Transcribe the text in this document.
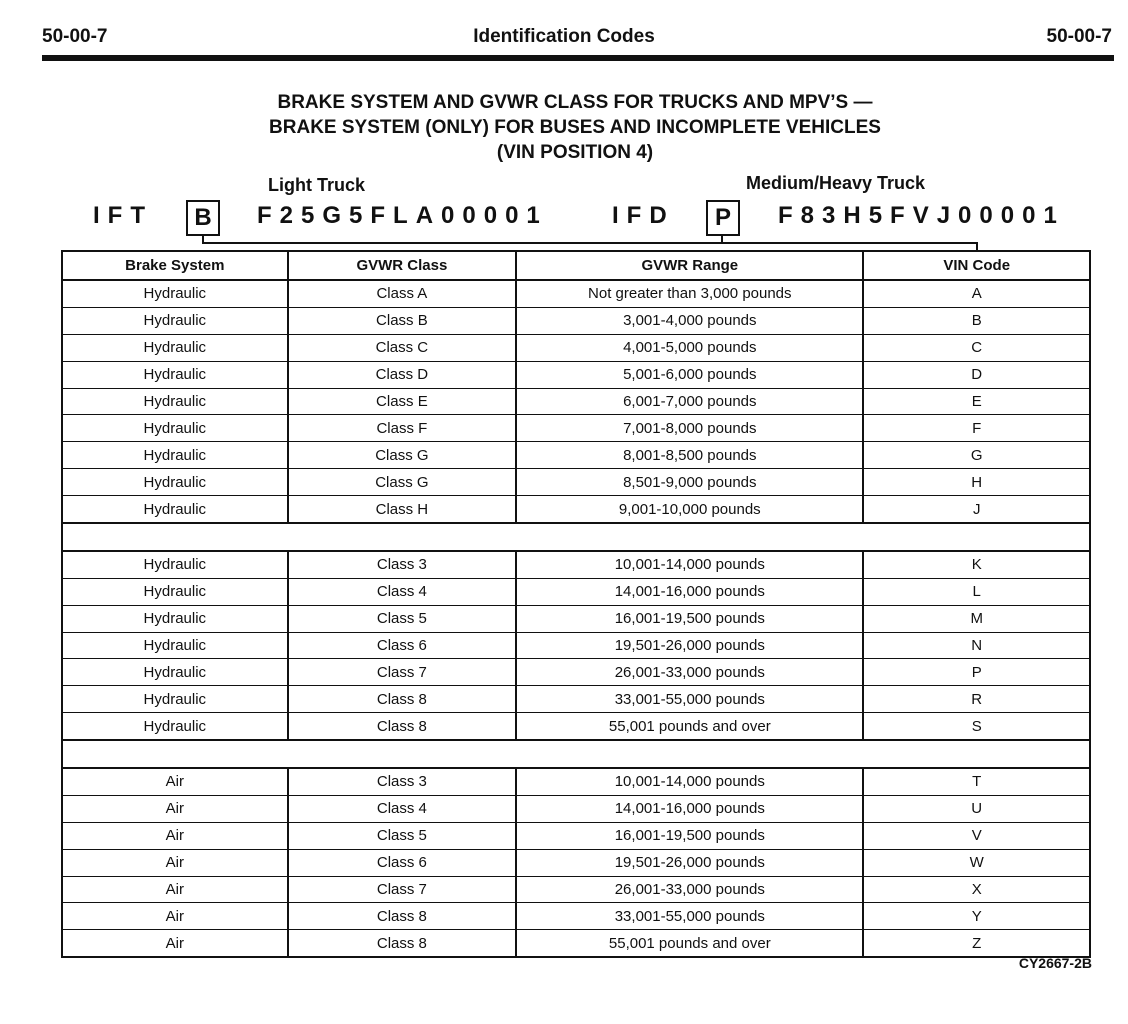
50-00-7	Identification Codes	50-00-7
BRAKE SYSTEM AND GVWR CLASS FOR TRUCKS AND MPV’S —
BRAKE SYSTEM (ONLY) FOR BUSES AND INCOMPLETE VEHICLES
(VIN POSITION 4)
Light Truck	Medium/Heavy Truck
IFT	B	F25G5FLA00001	IFD	P	F83H5FVJ00001
Brake System	GVWR Class	GVWR Range	VIN Code
Hydraulic	Class A	Not greater than 3,000 pounds	A
Hydraulic	Class B	3,001-4,000 pounds	B
Hydraulic	Class C	4,001-5,000 pounds	C
Hydraulic	Class D	5,001-6,000 pounds	D
Hydraulic	Class E	6,001-7,000 pounds	E
Hydraulic	Class F	7,001-8,000 pounds	F
Hydraulic	Class G	8,001-8,500 pounds	G
Hydraulic	Class G	8,501-9,000 pounds	H
Hydraulic	Class H	9,001-10,000 pounds	J

Hydraulic	Class 3	10,001-14,000 pounds	K
Hydraulic	Class 4	14,001-16,000 pounds	L
Hydraulic	Class 5	16,001-19,500 pounds	M
Hydraulic	Class 6	19,501-26,000 pounds	N
Hydraulic	Class 7	26,001-33,000 pounds	P
Hydraulic	Class 8	33,001-55,000 pounds	R
Hydraulic	Class 8	55,001 pounds and over	S

Air	Class 3	10,001-14,000 pounds	T
Air	Class 4	14,001-16,000 pounds	U
Air	Class 5	16,001-19,500 pounds	V
Air	Class 6	19,501-26,000 pounds	W
Air	Class 7	26,001-33,000 pounds	X
Air	Class 8	33,001-55,000 pounds	Y
Air	Class 8	55,001 pounds and over	Z
CY2667-2B
